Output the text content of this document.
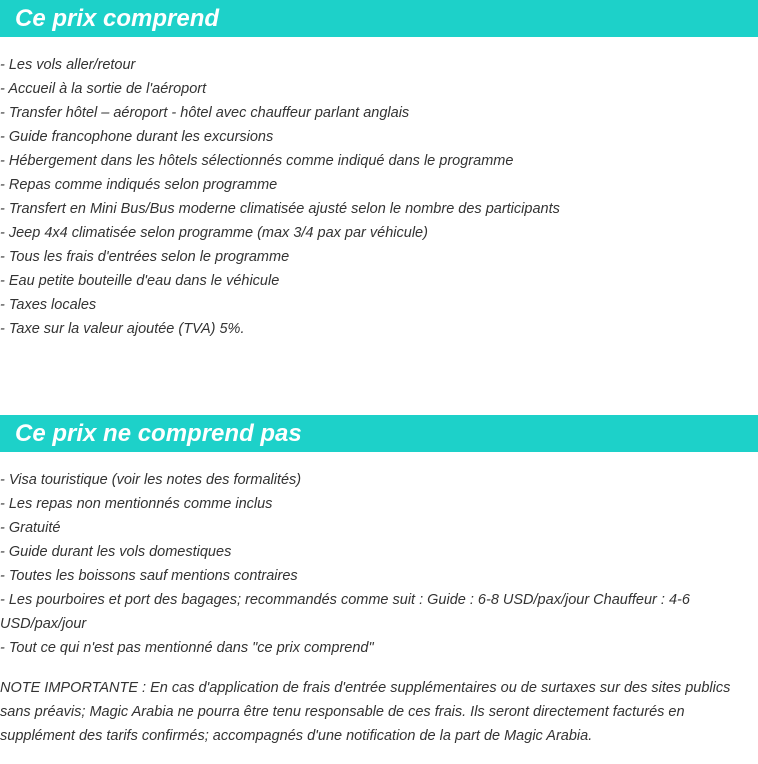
Ce prix comprend
- Les vols aller/retour
- Accueil à la sortie de l'aéroport
- Transfer hôtel – aéroport - hôtel avec chauffeur parlant anglais
- Guide francophone durant les excursions
- Hébergement dans les hôtels sélectionnés comme indiqué dans le programme
- Repas comme indiqués selon programme
- Transfert en Mini Bus/Bus moderne climatisée ajusté selon le nombre des participants
- Jeep 4x4 climatisée selon programme (max 3/4 pax par véhicule)
- Tous les frais d'entrées selon le programme
- Eau petite bouteille d'eau dans le véhicule
- Taxes locales
- Taxe sur la valeur ajoutée (TVA) 5%.
Ce prix ne comprend pas
- Visa touristique (voir les notes des formalités)
- Les repas non mentionnés comme inclus
- Gratuité
- Guide durant les vols domestiques
- Toutes les boissons sauf mentions contraires
- Les pourboires et port des bagages; recommandés comme suit : Guide : 6-8 USD/pax/jour Chauffeur : 4-6 USD/pax/jour
- Tout ce qui n'est pas mentionné dans "ce prix comprend"
NOTE IMPORTANTE : En cas d'application de frais d'entrée supplémentaires ou de surtaxes sur des sites publics sans préavis; Magic Arabia ne pourra être tenu responsable de ces frais. Ils seront directement facturés en supplément des tarifs confirmés; accompagnés d'une notification de la part de Magic Arabia.
